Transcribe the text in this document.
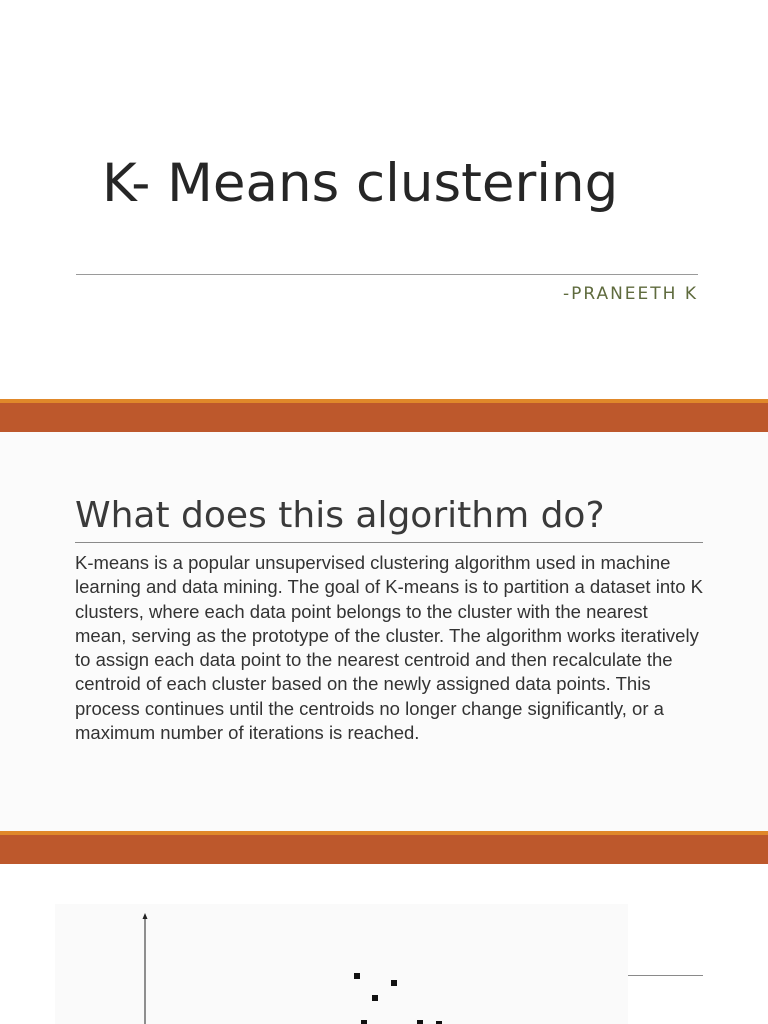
K- Means clustering
-PRANEETH K
What does this algorithm do?
K-means is a popular unsupervised clustering algorithm used in machine learning and data mining. The goal of K-means is to partition a dataset into K clusters, where each data point belongs to the cluster with the nearest mean, serving as the prototype of the cluster. The algorithm works iteratively to assign each data point to the nearest centroid and then recalculate the centroid of each cluster based on the newly assigned data points. This process continues until the centroids no longer change significantly, or a maximum number of iterations is reached.
